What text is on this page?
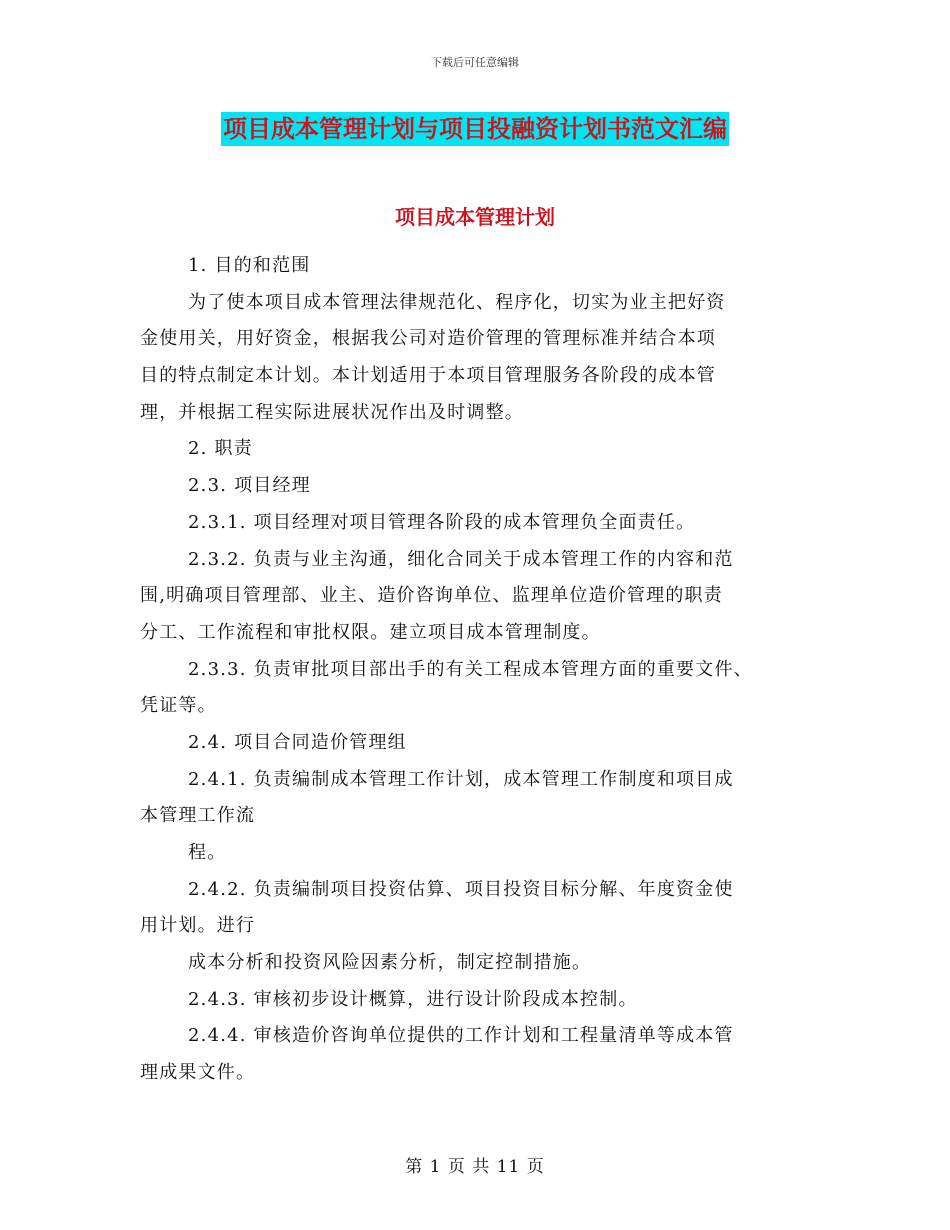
下载后可任意编辑
项目成本管理计划与项目投融资计划书范文汇编
项目成本管理计划
1. 目的和范围
为了使本项目成本管理法律规范化、程序化，切实为业主把好资
金使用关，用好资金，根据我公司对造价管理的管理标准并结合本项
目的特点制定本计划。本计划适用于本项目管理服务各阶段的成本管
理，并根据工程实际进展状况作出及时调整。
2. 职责
2.3. 项目经理
2.3.1. 项目经理对项目管理各阶段的成本管理负全面责任。
2.3.2. 负责与业主沟通，细化合同关于成本管理工作的内容和范
围,明确项目管理部、业主、造价咨询单位、监理单位造价管理的职责
分工、工作流程和审批权限。建立项目成本管理制度。
2.3.3. 负责审批项目部出手的有关工程成本管理方面的重要文件、
凭证等。
2.4. 项目合同造价管理组
2.4.1. 负责编制成本管理工作计划，成本管理工作制度和项目成
本管理工作流
程。
2.4.2. 负责编制项目投资估算、项目投资目标分解、年度资金使
用计划。进行
成本分析和投资风险因素分析，制定控制措施。
2.4.3. 审核初步设计概算，进行设计阶段成本控制。
2.4.4. 审核造价咨询单位提供的工作计划和工程量清单等成本管
理成果文件。
第 1 页 共 11 页
